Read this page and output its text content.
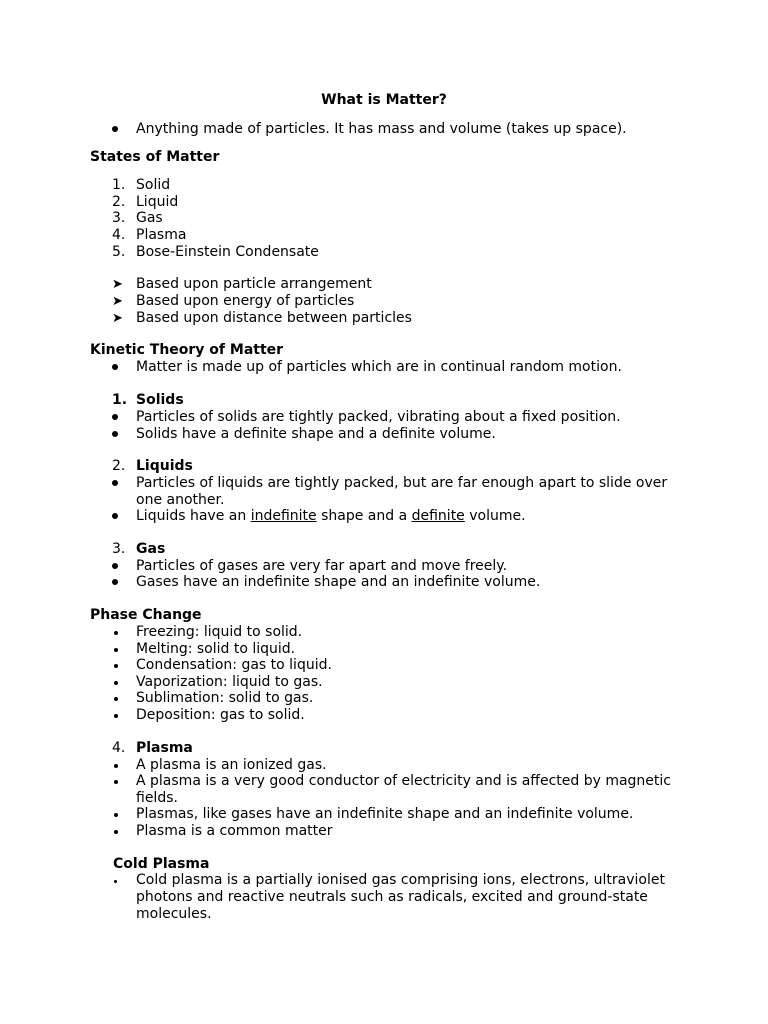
What is Matter?
Anything made of particles. It has mass and volume (takes up space).
States of Matter
1. Solid
2. Liquid
3. Gas
4. Plasma
5. Bose-Einstein Condensate
➤ Based upon particle arrangement
➤ Based upon energy of particles
➤ Based upon distance between particles
Kinetic Theory of Matter
Matter is made up of particles which are in continual random motion.
1. Solids
Particles of solids are tightly packed, vibrating about a fixed position.
Solids have a definite shape and a definite volume.
2. Liquids
Particles of liquids are tightly packed, but are far enough apart to slide over
one another.
Liquids have an indefinite shape and a definite volume.
3. Gas
Particles of gases are very far apart and move freely.
Gases have an indefinite shape and an indefinite volume.
Phase Change
Freezing: liquid to solid.
Melting: solid to liquid.
Condensation: gas to liquid.
Vaporization: liquid to gas.
Sublimation: solid to gas.
Deposition: gas to solid.
4. Plasma
A plasma is an ionized gas.
A plasma is a very good conductor of electricity and is affected by magnetic
fields.
Plasmas, like gases have an indefinite shape and an indefinite volume.
Plasma is a common matter
Cold Plasma
Cold plasma is a partially ionised gas comprising ions, electrons, ultraviolet
photons and reactive neutrals such as radicals, excited and ground-state
molecules.
